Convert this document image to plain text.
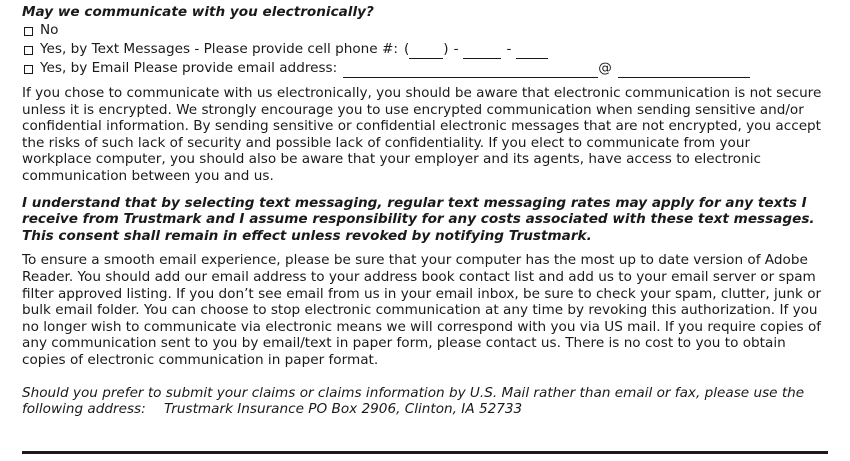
May we communicate with you electronically?

No
Yes, by Text Messages - Please provide cell phone #: (	) -	-
Yes, by Email Please provide email address:	@

If you chose to communicate with us electronically, you should be aware that electronic communication is not secure unless it is encrypted. We strongly encourage you to use encrypted communication when sending sensitive and/or confidential information. By sending sensitive or confidential electronic messages that are not encrypted, you accept the risks of such lack of security and possible lack of confidentiality. If you elect to communicate from your workplace computer, you should also be aware that your employer and its agents, have access to electronic communication between you and us.

I understand that by selecting text messaging, regular text messaging rates may apply for any texts I receive from Trustmark and I assume responsibility for any costs associated with these text messages. This consent shall remain in effect unless revoked by notifying Trustmark.

To ensure a smooth email experience, please be sure that your computer has the most up to date version of Adobe Reader. You should add our email address to your address book contact list and add us to your email server or spam filter approved listing. If you don’t see email from us in your email inbox, be sure to check your spam, clutter, junk or bulk email folder. You can choose to stop electronic communication at any time by revoking this authorization. If you no longer wish to communicate via electronic means we will correspond with you via US mail. If you require copies of any communication sent to you by email/text in paper form, please contact us. There is no cost to you to obtain copies of electronic communication in paper format.

Should you prefer to submit your claims or claims information by U.S. Mail rather than email or fax, please use the following address: Trustmark Insurance PO Box 2906, Clinton, IA 52733
